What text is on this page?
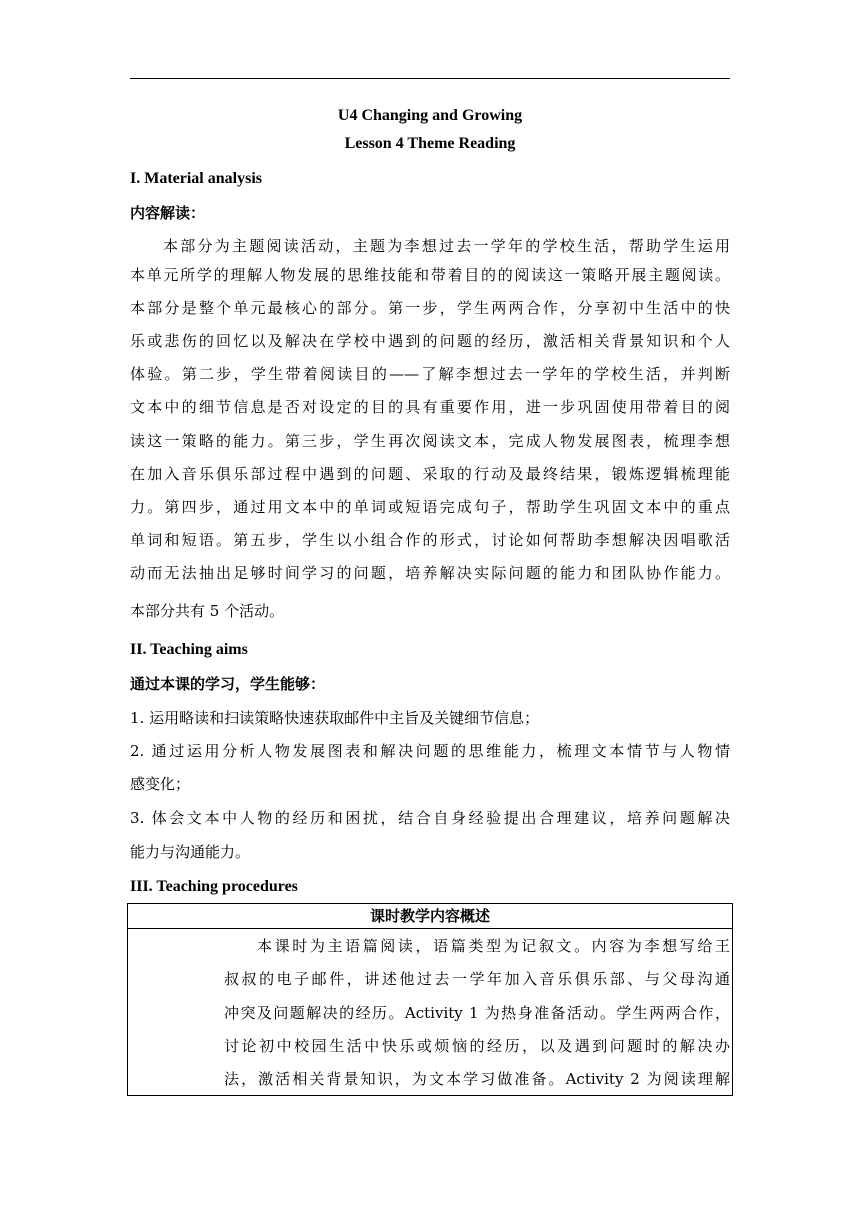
U4 Changing and Growing
Lesson 4 Theme Reading
I. Material analysis
内容解读：
本部分为主题阅读活动，主题为李想过去一学年的学校生活，帮助学生运用
本单元所学的理解人物发展的思维技能和带着目的的阅读这一策略开展主题阅读。
本部分是整个单元最核心的部分。第一步，学生两两合作，分享初中生活中的快
乐或悲伤的回忆以及解决在学校中遇到的问题的经历，激活相关背景知识和个人
体验。第二步，学生带着阅读目的——了解李想过去一学年的学校生活，并判断
文本中的细节信息是否对设定的目的具有重要作用，进一步巩固使用带着目的阅
读这一策略的能力。第三步，学生再次阅读文本，完成人物发展图表，梳理李想
在加入音乐俱乐部过程中遇到的问题、采取的行动及最终结果，锻炼逻辑梳理能
力。第四步，通过用文本中的单词或短语完成句子，帮助学生巩固文本中的重点
单词和短语。第五步，学生以小组合作的形式，讨论如何帮助李想解决因唱歌活
动而无法抽出足够时间学习的问题，培养解决实际问题的能力和团队协作能力。
本部分共有 5 个活动。
II. Teaching aims
通过本课的学习，学生能够：
1. 运用略读和扫读策略快速获取邮件中主旨及关键细节信息；
2. 通过运用分析人物发展图表和解决问题的思维能力，梳理文本情节与人物情
感变化；
3. 体会文本中人物的经历和困扰，结合自身经验提出合理建议，培养问题解决
能力与沟通能力。
III. Teaching procedures
课时教学内容概述
本课时为主语篇阅读，语篇类型为记叙文。内容为李想写给王
叔叔的电子邮件，讲述他过去一学年加入音乐俱乐部、与父母沟通
冲突及问题解决的经历。Activity 1 为热身准备活动。学生两两合作，
讨论初中校园生活中快乐或烦恼的经历，以及遇到问题时的解决办
法，激活相关背景知识，为文本学习做准备。Activity 2 为阅读理解
